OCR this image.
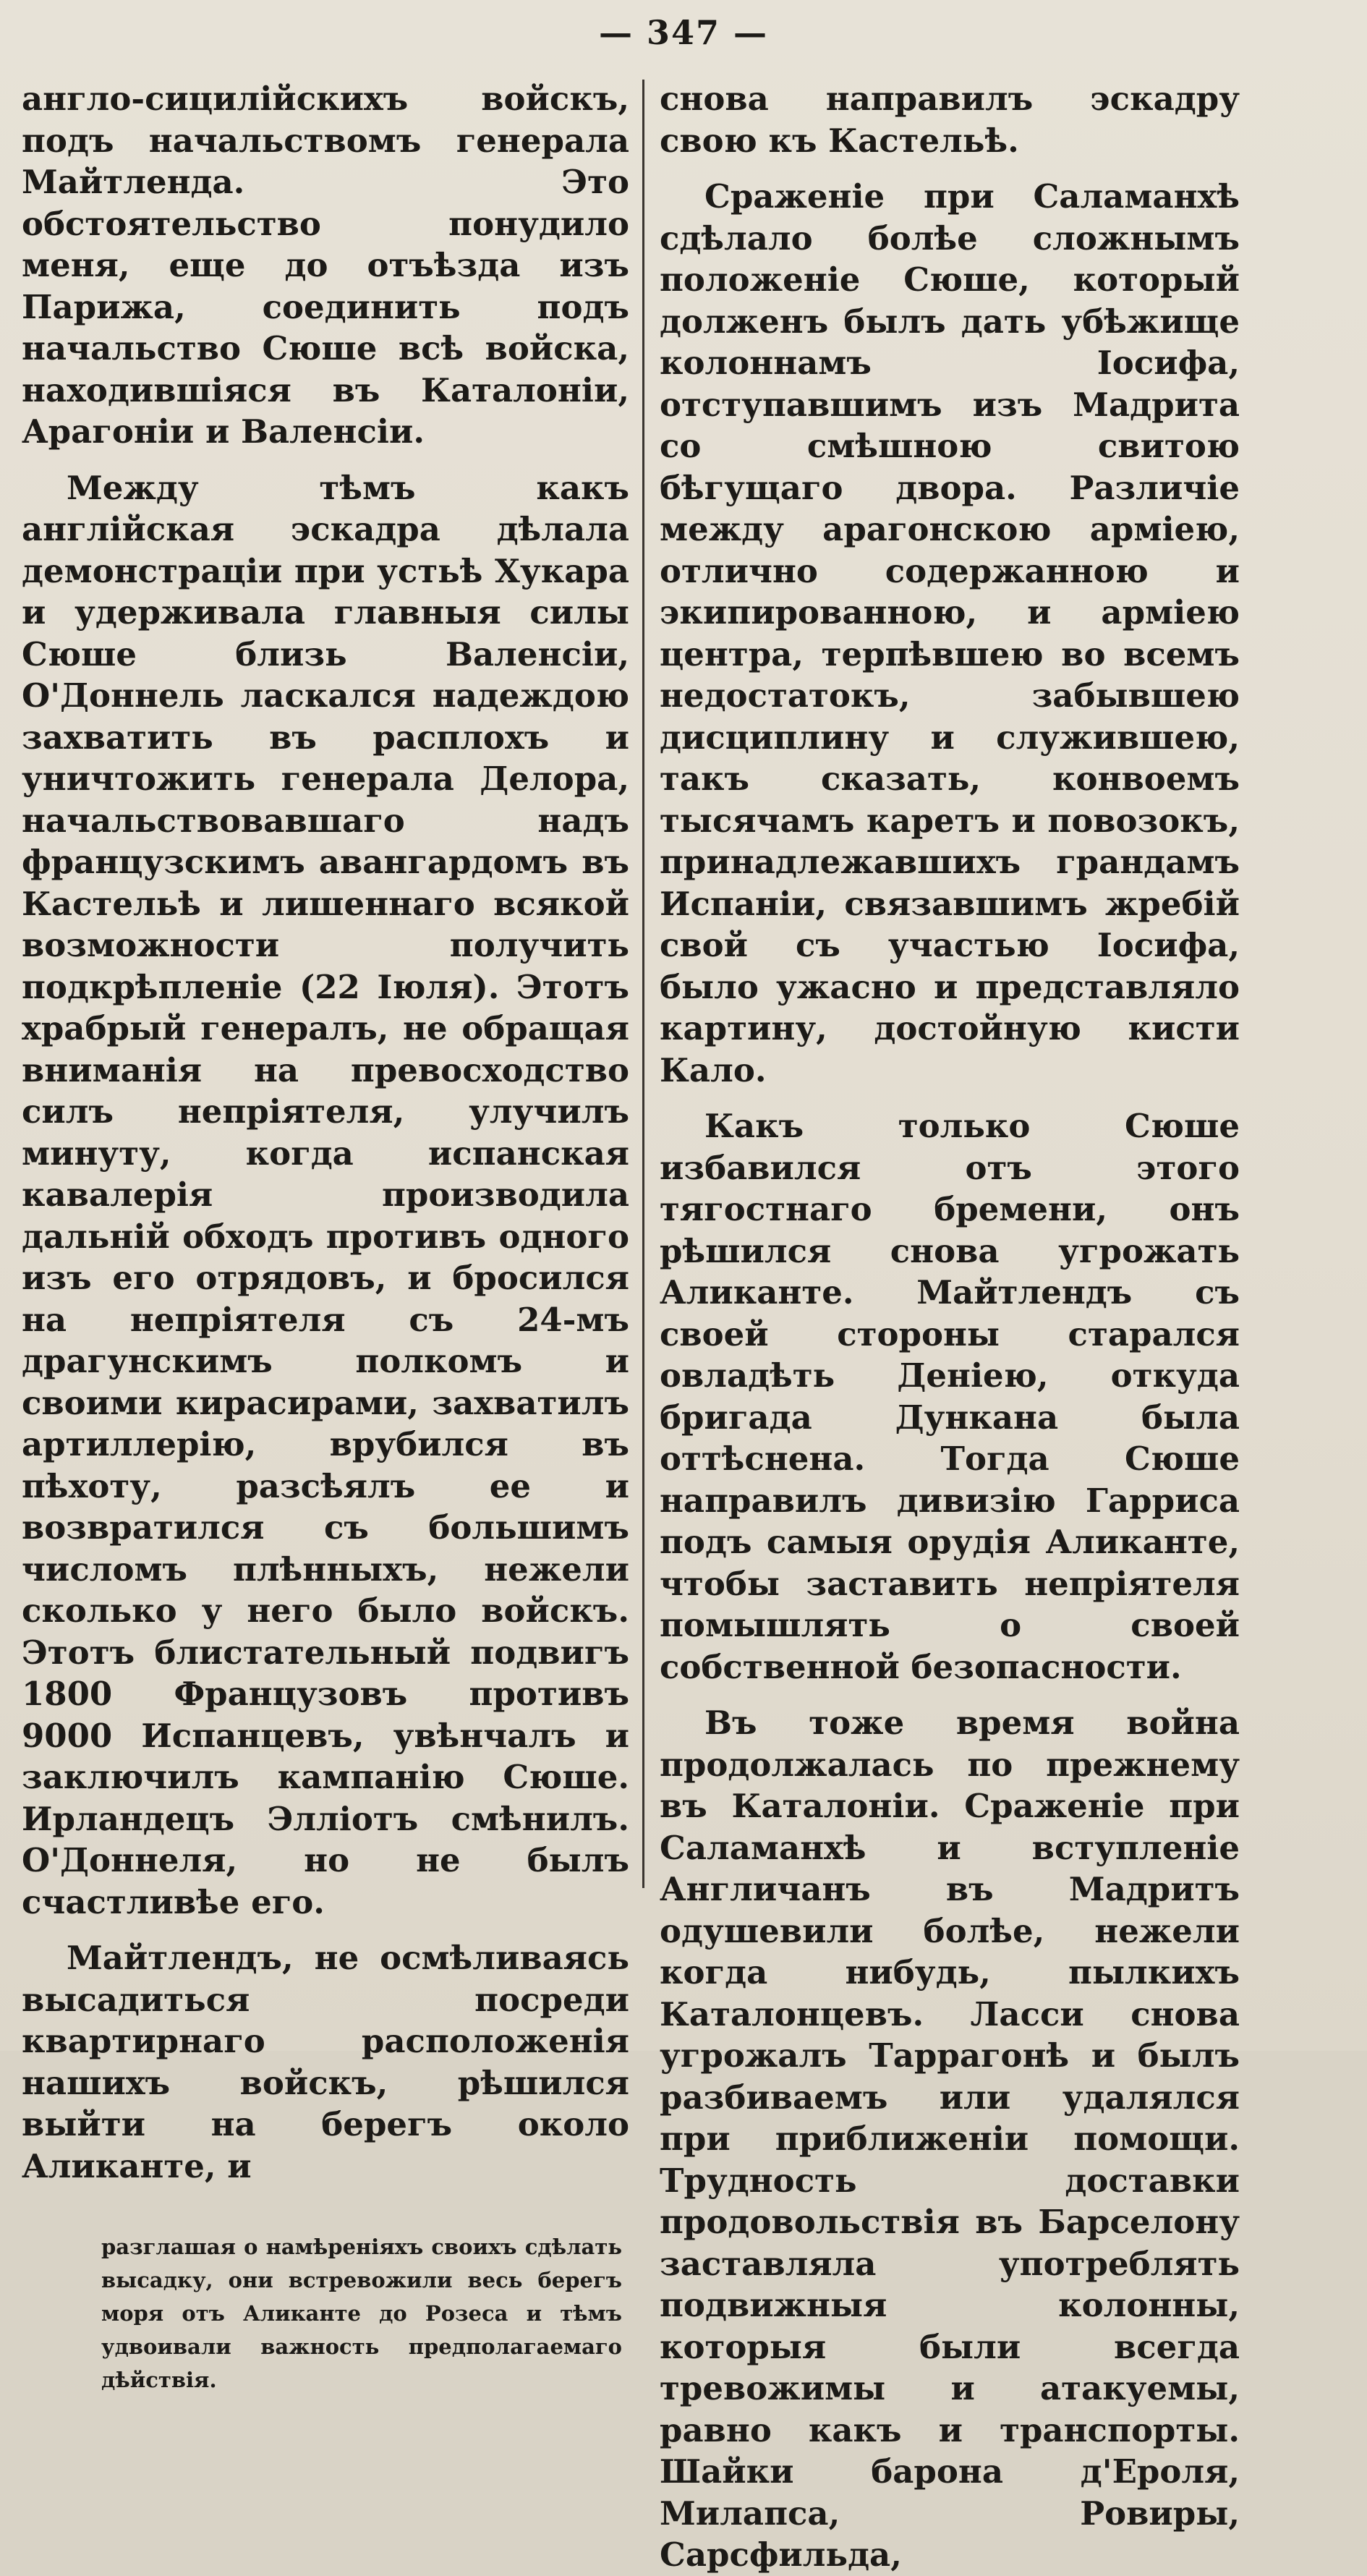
— 347 —

англо-сицилійскихъ войскъ, подъ начальствомъ генерала Майтленда. Это обстоятельство понудило меня, еще до отъѣзда изъ Парижа, соединить подъ начальство Сюше всѣ войска, находившіяся въ Каталоніи, Арагоніи и Валенсіи.

Между тѣмъ какъ англійская эскадра дѣлала демонстраціи при устьѣ Хукара и удерживала главныя силы Сюше близь Валенсіи, О'Доннель ласкался надеждою захватить въ расплохъ и уничтожить генерала Делора, начальствовавшаго надъ французскимъ авангардомъ въ Кастельѣ и лишеннаго всякой возможности получить подкрѣпленіе (22 Іюля). Этотъ храбрый генералъ, не обращая вниманія на превосходство силъ непріятеля, улучилъ минуту, когда испанская кавалерія производила дальній обходъ противъ одного изъ его отрядовъ, и бросился на непріятеля съ 24-мъ драгунскимъ полкомъ и своими кирасирами, захватилъ артиллерію, врубился въ пѣхоту, разсѣялъ ее и возвратился съ большимъ числомъ плѣнныхъ, нежели сколько у него было войскъ. Этотъ блистательный подвигъ 1800 Французовъ противъ 9000 Испанцевъ, увѣнчалъ и заключилъ кампанію Сюше. Ирландецъ Эллiотъ смѣнилъ. О'Доннеля, но не былъ счастливѣе его.

Майтлендъ, не осмѣливаясь высадиться посреди квартирнаго расположенія нашихъ войскъ, рѣшился выйти на берегъ около Аликанте, и

разглашая о намѣреніяхъ своихъ сдѣлать высадку, они встревожили весь берегъ моря отъ Аликанте до Розеса и тѣмъ удвоивали важность предполагаемаго дѣйствія.

снова направилъ эскадру свою къ Кастельѣ.

Сраженіе при Саламанхѣ сдѣлало болѣе сложнымъ положеніе Сюше, который долженъ былъ дать убѣжище колоннамъ Іосифа, отступавшимъ изъ Мадрита со смѣшною свитою бѣгущаго двора. Различіе между арагонскою арміею, отлично содержанною и экипированною, и арміею центра, терпѣвшею во всемъ недостатокъ, забывшею дисциплину и служившею, такъ сказать, конвоемъ тысячамъ каретъ и повозокъ, принадлежавшихъ грандамъ Испаніи, связавшимъ жребій свой съ участью Іосифа, было ужасно и представляло картину, достойную кисти Кало.

Какъ только Сюше избавился отъ этого тягостнаго бремени, онъ рѣшился снова угрожать Аликанте. Майтлендъ съ своей стороны старался овладѣть Деніею, откуда бригада Дункана была оттѣснена. Тогда Сюше направилъ дивизію Гарриса подъ самыя орудія Аликанте, чтобы заставить непріятеля помышлять о своей собственной безопасности.

Въ тоже время война продолжалась по прежнему въ Каталоніи. Сраженіе при Саламанхѣ и вступленіе Англичанъ въ Мадритъ одушевили болѣе, нежели когда нибудь, пылкихъ Каталонцевъ. Ласси снова угрожалъ Таррагонѣ и былъ разбиваемъ или удалялся при приближеніи помощи. Трудность доставки продовольствія въ Барселону заставляла употреблять подвижныя колонны, которыя были всегда тревожимы и атакуемы, равно какъ и транспорты. Шайки барона д'Ероля, Милапса, Ровиры, Сарсфильда,
